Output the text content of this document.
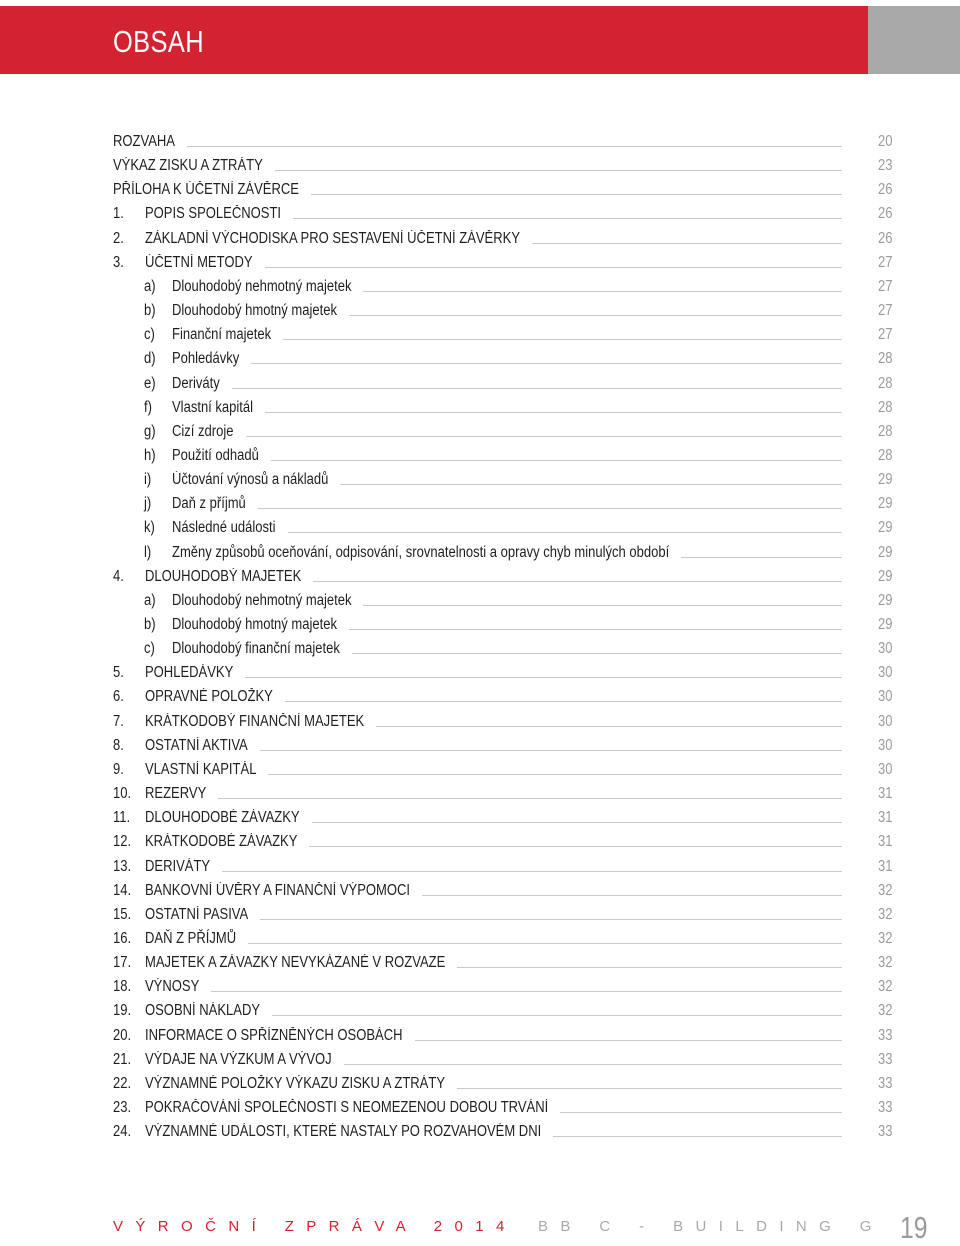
OBSAH
ROZVAHA	20
VÝKAZ ZISKU A ZTRÁTY	23
PŘÍLOHA K ÚČETNÍ ZÁVĚRCE	26
1. POPIS SPOLEČNOSTI	26
2. ZÁKLADNÍ VÝCHODISKA PRO SESTAVENÍ ÚČETNÍ ZÁVĚRKY	26
3. ÚČETNÍ METODY	27
a) Dlouhodobý nehmotný majetek	27
b) Dlouhodobý hmotný majetek	27
c) Finanční majetek	27
d) Pohledávky	28
e) Deriváty	28
f) Vlastní kapitál	28
g) Cizí zdroje	28
h) Použití odhadů	28
i) Účtování výnosů a nákladů	29
j) Daň z příjmů	29
k) Následné události	29
l) Změny způsobů oceňování, odpisování, srovnatelnosti a opravy chyb minulých období	29
4. DLOUHODOBÝ MAJETEK	29
a) Dlouhodobý nehmotný majetek	29
b) Dlouhodobý hmotný majetek	29
c) Dlouhodobý finanční majetek	30
5. POHLEDÁVKY	30
6. OPRAVNÉ POLOŽKY	30
7. KRÁTKODOBÝ FINANČNÍ MAJETEK	30
8. OSTATNÍ AKTIVA	30
9. VLASTNÍ KAPITÁL	30
10. REZERVY	31
11. DLOUHODOBÉ ZÁVAZKY	31
12. KRÁTKODOBÉ ZÁVAZKY	31
13. DERIVÁTY	31
14. BANKOVNÍ ÚVĚRY A FINANČNÍ VÝPOMOCI	32
15. OSTATNÍ PASIVA	32
16. DAŇ Z PŘÍJMŮ	32
17. MAJETEK A ZÁVAZKY NEVYKÁZANÉ V ROZVAZE	32
18. VÝNOSY	32
19. OSOBNÍ NÁKLADY	32
20. INFORMACE O SPŘÍZNĚNÝCH OSOBÁCH	33
21. VÝDAJE NA VÝZKUM A VÝVOJ	33
22. VÝZNAMNÉ POLOŽKY VÝKAZU ZISKU A ZTRÁTY	33
23. POKRAČOVÁNÍ SPOLEČNOSTI S NEOMEZENOU DOBOU TRVÁNÍ	33
24. VÝZNAMNÉ UDÁLOSTI, KTERÉ NASTALY PO ROZVAHOVÉM DNI	33
VÝROČNÍ ZPRÁVA 2014 BB C - BUILDING G 19
